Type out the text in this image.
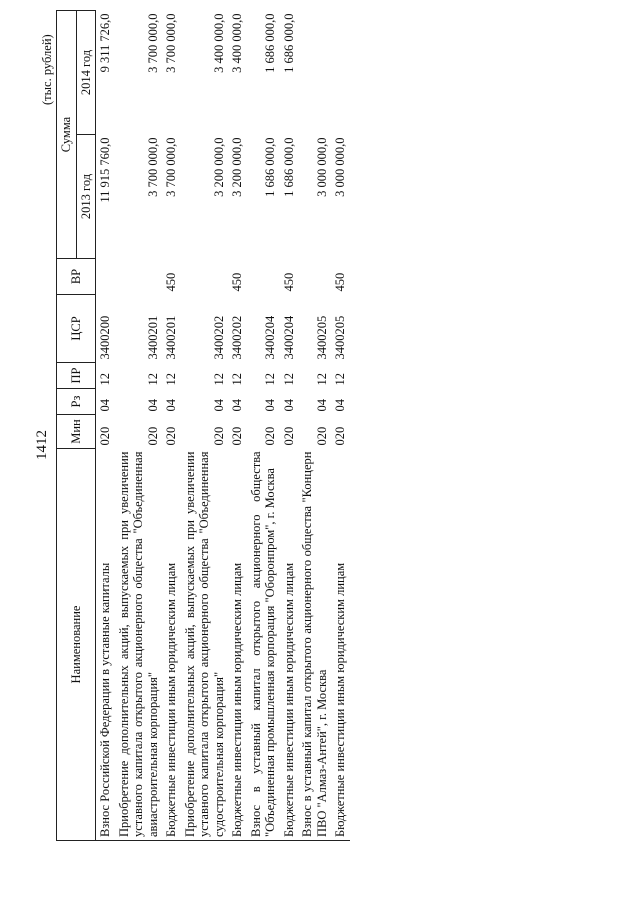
1412
(тыс. рублей)
Наименование	Мин	Рз	ПР	ЦСР	ВР	Сумма	
						2013 год	2014 год
Взнос Российской Федерации в уставные капиталы	020	04	12	3400200		11 915 760,0	9 311 726,0
Приобретение дополнительных акций, выпускаемых при увеличении уставного капитала открытого акционерного общества "Объединенная авиастроительная корпорация"	020	04	12	3400201		3 700 000,0	3 700 000,0
Бюджетные инвестиции иным юридическим лицам	020	04	12	3400201	450	3 700 000,0	3 700 000,0
Приобретение дополнительных акций, выпускаемых при увеличении уставного капитала открытого акционерного общества "Объединенная судостроительная корпорация"	020	04	12	3400202		3 200 000,0	3 400 000,0
Бюджетные инвестиции иным юридическим лицам	020	04	12	3400202	450	3 200 000,0	3 400 000,0
Взнос в уставный капитал открытого акционерного общества "Объединенная промышленная корпорация "Оборонпром", г. Москва	020	04	12	3400204		1 686 000,0	1 686 000,0
Бюджетные инвестиции иным юридическим лицам	020	04	12	3400204	450	1 686 000,0	1 686 000,0
Взнос в уставный капитал открытого акционерного общества "Концерн ПВО "Алмаз-Антей", г. Москва	020	04	12	3400205		3 000 000,0	
Бюджетные инвестиции иным юридическим лицам	020	04	12	3400205	450	3 000 000,0	
